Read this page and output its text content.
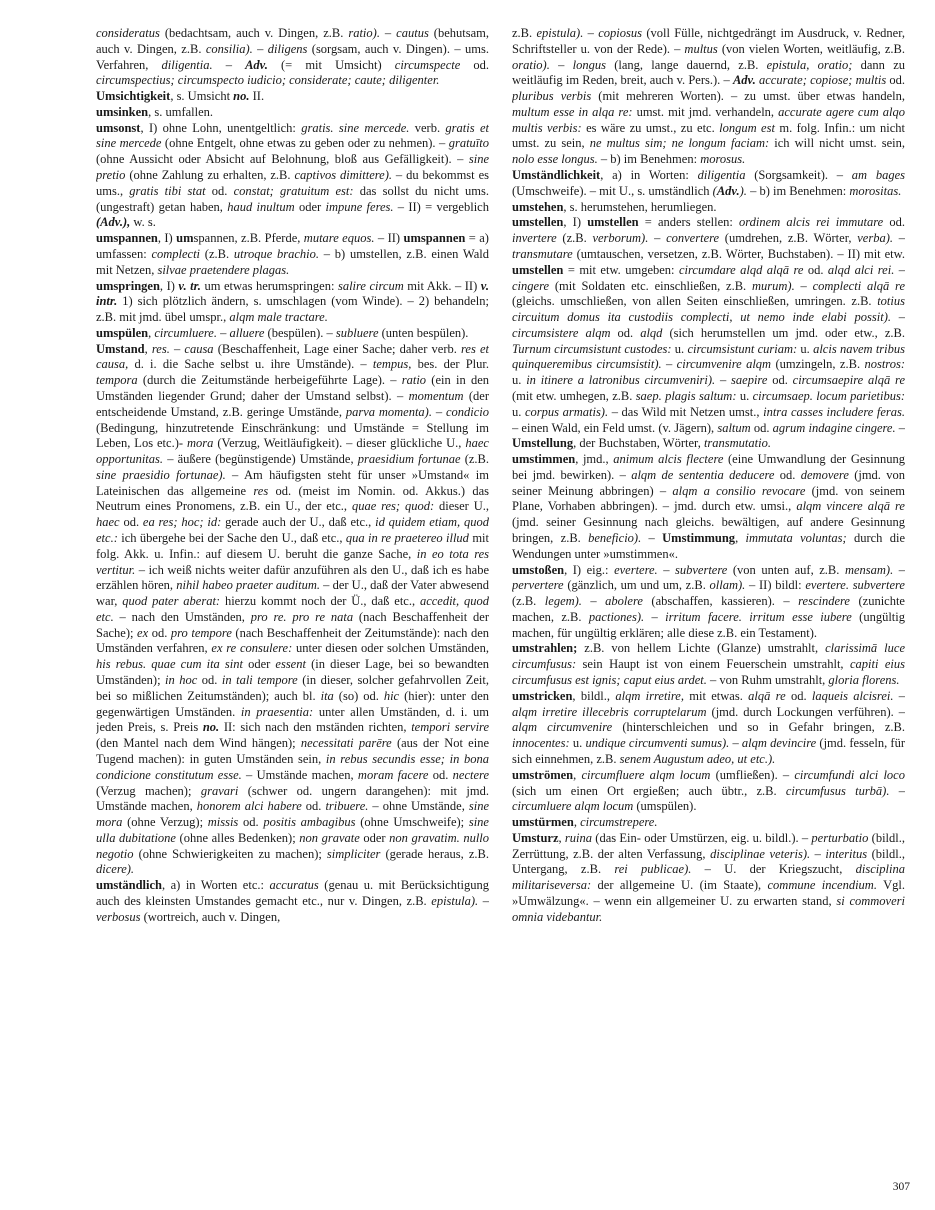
consideratus (bedachtsam, auch v. Dingen, z.B. ratio). – cautus (behutsam, auch v. Dingen, z.B. consilia). – diligens (sorgsam, auch v. Dingen). – ums. Verfahren, diligentia. – Adv. (= mit Umsicht) circumspecte od. circumspectius; circumspecto iudicio; considerate; caute; diligenter.

Umsichtigkeit, s. Umsicht no. II.

umsinken, s. umfallen.

umsonst, I) ohne Lohn, unentgeltlich: gratis. sine mercede. verb. gratis et sine mercede (ohne Entgelt, ohne etwas zu geben oder zu nehmen). – gratuīto (ohne Aussicht oder Absicht auf Belohnung, bloß aus Gefälligkeit). – sine pretio (ohne Zahlung zu erhalten, z.B. captivos dimittere). – du bekommst es ums., gratis tibi stat od. constat; gratuitum est: das sollst du nicht ums. (ungestraft) getan haben, haud inultum oder impune feres. – II) = vergeblich (Adv.), w. s.

umspannen, I) umspannen, z.B. Pferde, mutare equos. – II) umspannen = a) umfassen: complecti (z.B. utroque brachio. – b) umstellen, z.B. einen Wald mit Netzen, silvae praetendere plagas.

umspringen, I) v. tr. um etwas herumspringen: salire circum mit Akk. – II) v. intr. 1) sich plötzlich ändern, s. umschlagen (vom Winde). – 2) behandeln; z.B. mit jmd. übel umspr., alqm male tractare.

umspülen, circumluere. – alluere (bespülen). – subluere (unten bespülen).

Umstand, res. – causa (Beschaffenheit, Lage einer Sache; daher verb. res et causa, d. i. die Sache selbst u. ihre Umstände). – tempus, bes. der Plur. tempora (durch die Zeitumstände herbeigeführte Lage). – ratio (ein in den Umständen liegender Grund; daher der Umstand selbst). – momentum (der entscheidende Umstand, z.B. geringe Umstände, parva momenta). – condicio (Bedingung, hinzutretende Einschränkung: und Umstände = Stellung im Leben, Los etc.)- mora (Verzug, Weitläufigkeit). – dieser glückliche U., haec opportunitas. – äußere (begünstigende) Umstände, praesidium fortunae (z.B. sine praesidio fortunae). – Am häufigsten steht für unser »Umstand« im Lateinischen das allgemeine res od. (meist im Nomin. od. Akkus.) das Neutrum eines Pronomens, z.B. ein U., der etc., quae res; quod: dieser U., haec od. ea res; hoc; id: gerade auch der U., daß etc., id quidem etiam, quod etc.: ich übergehe bei der Sache den U., daß etc., qua in re praetereo illud mit folg. Akk. u. Infin.: auf diesem U. beruht die ganze Sache, in eo tota res vertitur. – ich weiß nichts weiter dafür anzuführen als den U., daß ich es habe erzählen hören, nihil habeo praeter auditum. – der U., daß der Vater abwesend war, quod pater aberat: hierzu kommt noch der Ü., daß etc., accedit, quod etc. – nach den Umständen, pro re. pro re nata (nach Beschaffenheit der Sache); ex od. pro tempore (nach Beschaffenheit der Zeitumstände): nach den Umständen verfahren, ex re consulere: unter diesen oder solchen Umständen, his rebus. quae cum ita sint oder essent (in dieser Lage, bei so bewandten Umständen); in hoc od. in tali tempore (in dieser, solcher gefahrvollen Zeit, bei so mißlichen Zeitumständen); auch bl. ita (so) od. hic (hier): unter den gegenwärtigen Umständen. in praesentia: unter allen Umständen, d. i. um jeden Preis, s. Preis no. II: sich nach den mständen richten, tempori servire (den Mantel nach dem Wind hängen); necessitati parēre (aus der Not eine Tugend machen): in guten Umständen sein, in rebus secundis esse; in bona condicione constitutum esse. – Umstände machen, moram facere od. nectere (Verzug machen); gravari (schwer od. ungern darangehen): mit jmd. Umstände machen, honorem alci habere od. tribuere. – ohne Umstände, sine mora (ohne Verzug); missis od. positis ambagibus (ohne Umschweife); sine ulla dubitatione (ohne alles Bedenken); non gravate oder non gravatim. nullo negotio (ohne Schwierigkeiten zu machen); simpliciter (gerade heraus, z.B. dicere).

umständlich, a) in Worten etc.: accuratus (genau u. mit Berücksichtigung auch des kleinsten Umstandes gemacht etc., nur v. Dingen, z.B. epistula). – verbosus (wortreich, auch v. Dingen,

z.B. epistula). – copiosus (voll Fülle, nichtgedrängt im Ausdruck, v. Redner, Schriftsteller u. von der Rede). – multus (von vielen Worten, weitläufig, z.B. oratio). – longus (lang, lange dauernd, z.B. epistula, oratio; dann zu weitläufig im Reden, breit, auch v. Pers.). – Adv. accurate; copiose; multis od. pluribus verbis (mit mehreren Worten). – zu umst. über etwas handeln, multum esse in alqa re: umst. mit jmd. verhandeln, accurate agere cum alqo multis verbis: es wäre zu umst., zu etc. longum est m. folg. Infin.: um nicht umst. zu sein, ne multus sim; ne longum faciam: ich will nicht umst. sein, nolo esse longus. – b) im Benehmen: morosus.

Umständlichkeit, a) in Worten: diligentia (Sorgsamkeit). – am bages (Umschweife). – mit U., s. umständlich (Adv.). – b) im Benehmen: morositas.

umstehen, s. herumstehen, herumliegen.

umstellen, I) umstellen = anders stellen: ordinem alcis rei immutare od. invertere (z.B. verborum). – convertere (umdrehen, z.B. Wörter, verba). – transmutare (umtauschen, versetzen, z.B. Wörter, Buchstaben). – II) mit etw. umstellen = mit etw. umgeben: circumdare alqd alqā re od. alqd alci rei. – cingere (mit Soldaten etc. einschließen, z.B. murum). – complecti alqā re (gleichs. umschließen, von allen Seiten einschließen, umringen. z.B. totius circuitum domus ita custodiis complecti, ut nemo inde elabi possit). – circumsistere alqm od. alqd (sich herumstellen um jmd. oder etw., z.B. Turnum circumsistunt custodes: u. circumsistunt curiam: u. alcis navem tribus quinqueremibus circumsistit). – circumvenire alqm (umzingeln, z.B. nostros: u. in itinere a latronibus circumveniri). – saepire od. circumsaepire alqā re (mit etw. umhegen, z.B. saep. plagis saltum: u. circumsaep. locum parietibus: u. corpus armatis). – das Wild mit Netzen umst., intra casses includere feras. – einen Wald, ein Feld umst. (v. Jägern), saltum od. agrum indagine cingere. – Umstellung, der Buchstaben, Wörter, transmutatio.

umstimmen, jmd., animum alcis flectere (eine Umwandlung der Gesinnung bei jmd. bewirken). – alqm de sententia deducere od. demovere (jmd. von seiner Meinung abbringen) – alqm a consilio revocare (jmd. von seinem Plane, Vorhaben abbringen). – jmd. durch etw. umsi., alqm vincere alqā re (jmd. seiner Gesinnung nach gleichs. bewältigen, auf andere Gesinnung bringen, z.B. beneficio). – Umstimmung, immutata voluntas; durch die Wendungen unter »umstimmen«.

umstoßen, I) eig.: evertere. – subvertere (von unten auf, z.B. mensam). – pervertere (gänzlich, um und um, z.B. ollam). – II) bildl: evertere. subvertere (z.B. legem). – abolere (abschaffen, kassieren). – rescindere (zunichte machen, z.B. pactiones). – irritum facere. irritum esse iubere (ungültig machen, für ungültig erklären; alle diese z.B. ein Testament).

umstrahlen; z.B. von hellem Lichte (Glanze) umstrahlt, clarissimā luce circumfusus: sein Haupt ist von einem Feuerschein umstrahlt, capiti eius circumfusus est ignis; caput eius ardet. – von Ruhm umstrahlt, gloria florens.

umstricken, bildl., alqm irretire, mit etwas. alqā re od. laqueis alcisrei. – alqm irretire illecebris corruptelarum (jmd. durch Lockungen verführen). – alqm circumvenire (hinterschleichen und so in Gefahr bringen, z.B. innocentes: u. undique circumventi sumus). – alqm devincire (jmd. fesseln, für sich einnehmen, z.B. senem Augustum adeo, ut etc.).

umströmen, circumfluere alqm locum (umfließen). – circumfundi alci loco (sich um einen Ort ergießen; auch übtr., z.B. circumfusus turbā). – circumluere alqm locum (umspülen).

umstürmen, circumstrepere.

Umsturz, ruina (das Ein- oder Umstürzen, eig. u. bildl.). – perturbatio (bildl., Zerrüttung, z.B. der alten Verfassung, disciplinae veteris). – interitus (bildl., Untergang, z.B. rei publicae). – U. der Kriegszucht, disciplina militariseversa: der allgemeine U. (im Staate), commune incendium. Vgl. »Umwälzung«. – wenn ein allgemeiner U. zu erwarten stand, si commoveri omnia videbantur.

307
